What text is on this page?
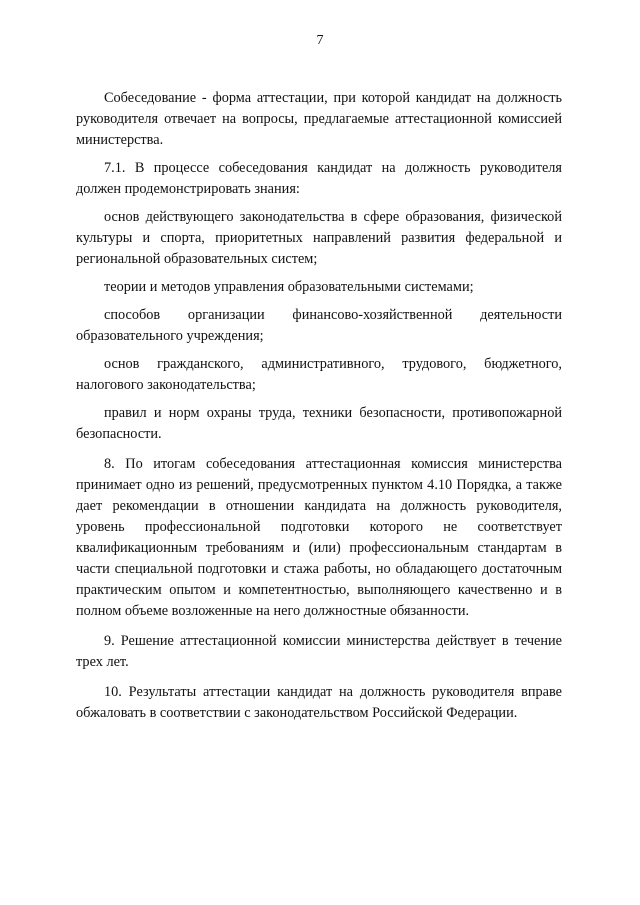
7

Собеседование - форма аттестации, при которой кандидат на должность руководителя отвечает на вопросы, предлагаемые аттестационной комиссией министерства.

7.1. В процессе собеседования кандидат на должность руководителя должен продемонстрировать знания:

основ действующего законодательства в сфере образования, физической культуры и спорта, приоритетных направлений развития федеральной и региональной образовательных систем;

теории и методов управления образовательными системами;

способов организации финансово-хозяйственной деятельности образовательного учреждения;

основ гражданского, административного, трудового, бюджетного, налогового законодательства;

правил и норм охраны труда, техники безопасности, противопожарной безопасности.

8. По итогам собеседования аттестационная комиссия министерства принимает одно из решений, предусмотренных пунктом 4.10 Порядка, а также дает рекомендации в отношении кандидата на должность руководителя, уровень профессиональной подготовки которого не соответствует квалификационным требованиям и (или) профессиональным стандартам в части специальной подготовки и стажа работы, но обладающего достаточным практическим опытом и компетентностью, выполняющего качественно и в полном объеме возложенные на него должностные обязанности.

9. Решение аттестационной комиссии министерства действует в течение трех лет.

10. Результаты аттестации кандидат на должность руководителя вправе обжаловать в соответствии с законодательством Российской Федерации.
